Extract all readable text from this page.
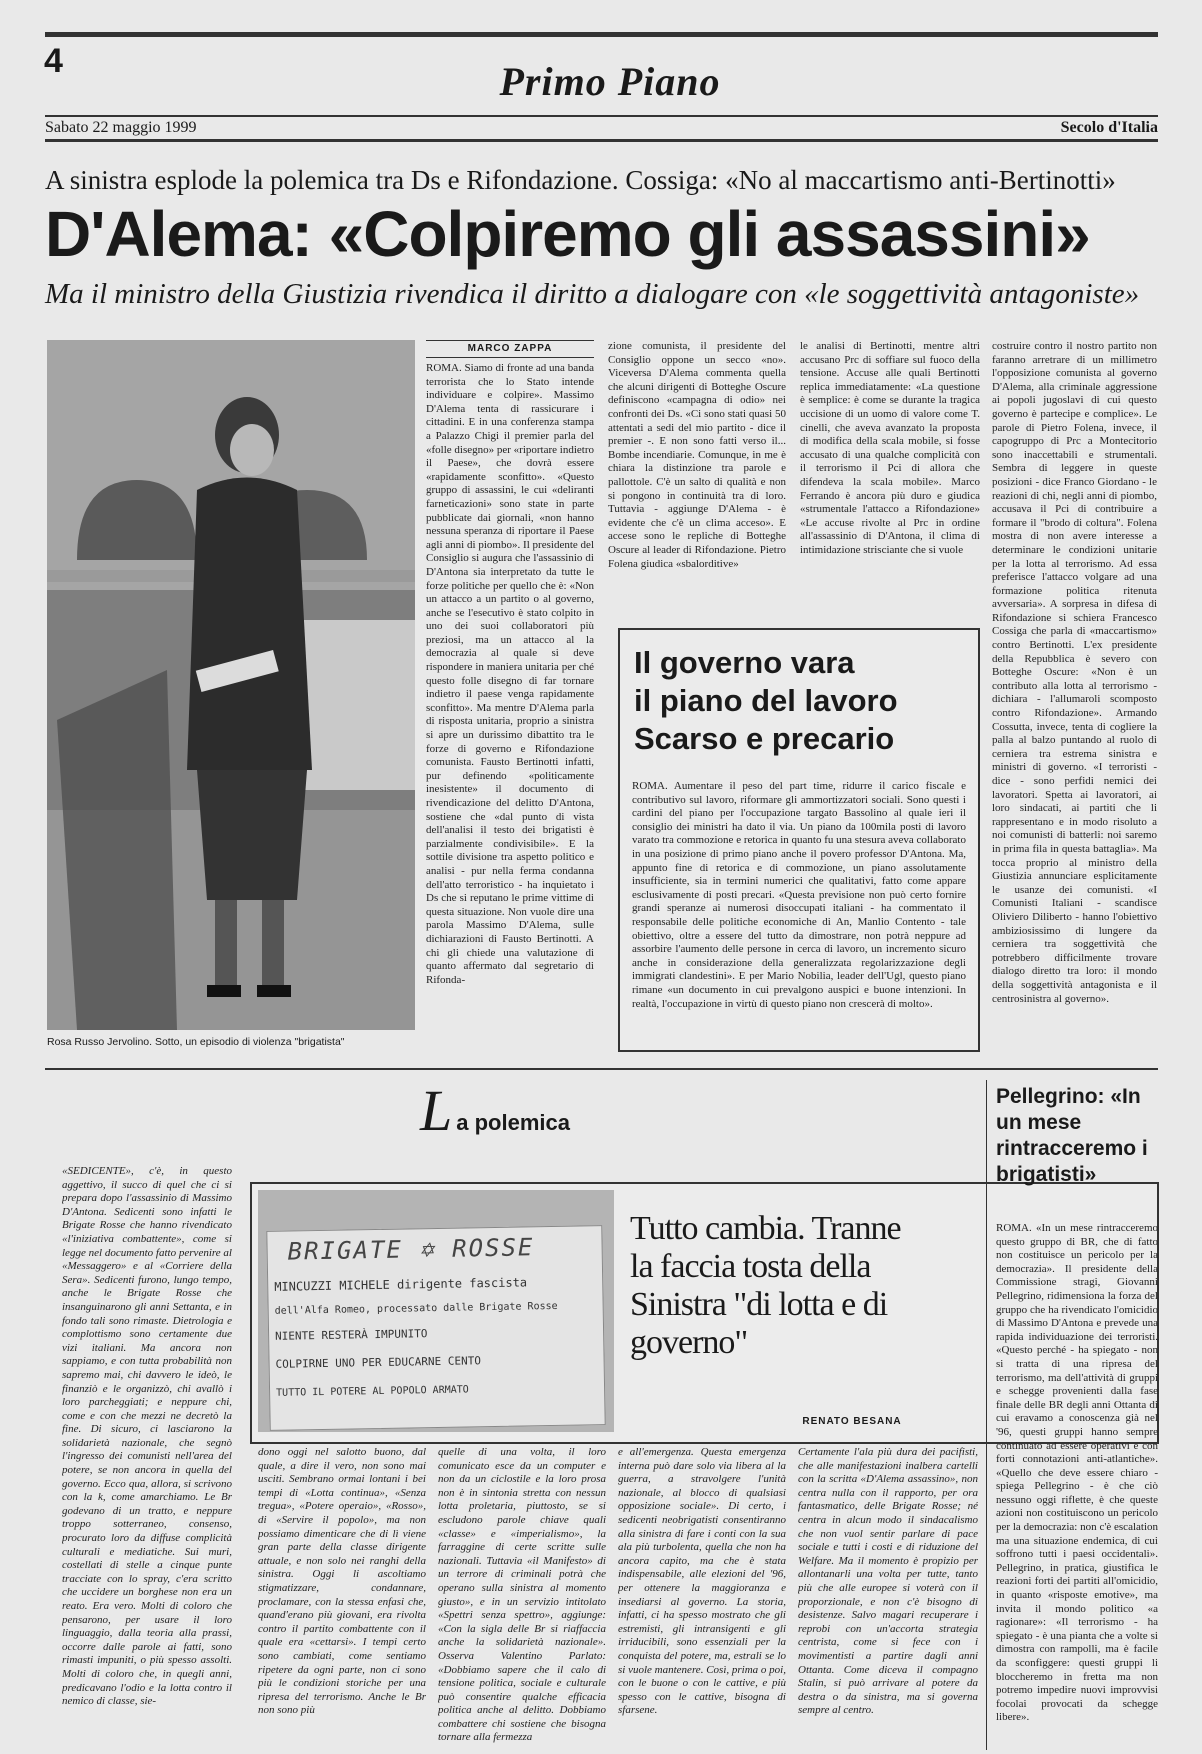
4	Primo Piano
Sabato 22 maggio 1999	Secolo d'Italia
A sinistra esplode la polemica tra Ds e Rifondazione. Cossiga: «No al maccartismo anti-Bertinotti»
D'Alema: «Colpiremo gli assassini»
Ma il ministro della Giustizia rivendica il diritto a dialogare con «le soggettività antagoniste»
Rosa Russo Jervolino. Sotto, un episodio di violenza "brigatista"
MARCO ZAPPA

ROMA. Siamo di fronte ad una banda terrorista che lo Stato intende individuare e colpire». Massimo D'Alema tenta di rassicurare i cittadini. E in una conferenza stampa a Palazzo Chigi il premier parla del «folle disegno» per «riportare indietro il Paese», che dovrà essere «rapidamente sconfitto». «Questo gruppo di assassini, le cui «deliranti farneticazioni» sono state in parte pubblicate dai giornali, «non hanno nessuna speranza di riportare il Paese agli anni di piombo». Il presidente del Consiglio si augura che l'assassinio di D'Antona sia interpretato da tutte le forze politiche per quello che è: «Non un attacco a un partito o al governo, anche se l'esecutivo è stato colpito in uno dei suoi collaboratori più preziosi, ma un attacco al la democrazia al quale si deve rispondere in maniera unitaria per ché questo folle disegno di far tornare indietro il paese venga rapidamente sconfitto». Ma mentre D'Alema parla di risposta unitaria, proprio a sinistra si apre un durissimo dibattito tra le forze di governo e Rifondazione comunista. Fausto Bertinotti infatti, pur definendo «politicamente inesistente» il documento di rivendicazione del delitto D'Antona, sostiene che «dal punto di vista dell'analisi il testo dei brigatisti è parzialmente condivisibile». E la sottile divisione tra aspetto politico e analisi - pur nella ferma condanna dell'atto terroristico - ha inquietato i Ds che si reputano le prime vittime di questa situazione. Non vuole dire una parola Massimo D'Alema, sulle dichiarazioni di Fausto Bertinotti. A chi gli chiede una valutazione di quanto affermato dal segretario di Rifonda-

zione comunista, il presidente del Consiglio oppone un secco «no». Viceversa D'Alema commenta quella che alcuni dirigenti di Botteghe Oscure definiscono «campagna di odio» nei confronti dei Ds. «Ci sono stati quasi 50 attentati a sedi del mio partito - dice il premier -. E non sono fatti verso il... Bombe incendiarie. Comunque, in me è chiara la distinzione tra parole e pallottole. C'è un salto di qualità e non si pongono in continuità tra di loro. Tuttavia - aggiunge D'Alema - è evidente che c'è un clima acceso». E accese sono le repliche di Botteghe Oscure al leader di Rifondazione. Pietro Folena giudica «sbalorditive»

le analisi di Bertinotti, mentre altri accusano Prc di soffiare sul fuoco della tensione. Accuse alle quali Bertinotti replica immediatamente: «La questione è semplice: è come se durante la tragica uccisione di un uomo di valore come T. cinelli, che aveva avanzato la proposta di modifica della scala mobile, si fosse accusato di una qualche complicità con il terrorismo il Pci di allora che difendeva la scala mobile». Marco Ferrando è ancora più duro e giudica «strumentale l'attacco a Rifondazione» «Le accuse rivolte al Prc in ordine all'assassinio di D'Antona, il clima di intimidazione strisciante che si vuole

costruire contro il nostro partito non faranno arretrare di un millimetro l'opposizione comunista al governo D'Alema, alla criminale aggressione ai popoli jugoslavi di cui questo governo è partecipe e complice». Le parole di Pietro Folena, invece, il capogruppo di Prc a Montecitorio sono inaccettabili e strumentali. Sembra di leggere in queste posizioni - dice Franco Giordano - le reazioni di chi, negli anni di piombo, accusava il Pci di contribuire a formare il "brodo di coltura". Folena mostra di non avere interesse a determinare le condizioni unitarie per la lotta al terrorismo. Ad essa preferisce l'attacco volgare ad una formazione politica ritenuta avversaria». A sorpresa in difesa di Rifondazione si schiera Francesco Cossiga che parla di «maccartismo» contro Bertinotti. L'ex presidente della Repubblica è severo con Botteghe Oscure: «Non è un contributo alla lotta al terrorismo - dichiara - l'allumaroli scomposto contro Rifondazione». Armando Cossutta, invece, tenta di cogliere la palla al balzo puntando al ruolo di cerniera tra estrema sinistra e ministri di governo. «I terroristi - dice - sono perfidi nemici dei lavoratori. Spetta ai lavoratori, ai loro sindacati, ai partiti che li rappresentano e in modo risoluto a noi comunisti di batterli: noi saremo in prima fila in questa battaglia». Ma tocca proprio al ministro della Giustizia annunciare esplicitamente le usanze dei comunisti. «I Comunisti Italiani - scandisce Oliviero Diliberto - hanno l'obiettivo ambiziosissimo di lungere da cerniera tra soggettività che potrebbero difficilmente trovare dialogo diretto tra loro: il mondo della soggettività antagonista e il centrosinistra al governo».

Il governo vara
il piano del lavoro
Scarso e precario

ROMA. Aumentare il peso del part time, ridurre il carico fiscale e contributivo sul lavoro, riformare gli ammortizzatori sociali. Sono questi i cardini del piano per l'occupazione targato Bassolino al quale ieri il consiglio dei ministri ha dato il via. Un piano da 100mila posti di lavoro varato tra commozione e retorica in quanto fu una stesura aveva collaborato in una posizione di primo piano anche il povero professor D'Antona. Ma, appunto fine di retorica e di commozione, un piano assolutamente insufficiente, sia in termini numerici che qualitativi, fatto come appare esclusivamente di posti precari. «Questa previsione non può certo fornire grandi speranze ai numerosi disoccupati italiani - ha commentato il responsabile delle politiche economiche di An, Manlio Contento - tale obiettivo, oltre a essere del tutto da dimostrare, non potrà neppure ad assorbire l'aumento delle persone in cerca di lavoro, un incremento sicuro anche in considerazione della generalizzata regolarizzazione degli immigrati clandestini». E per Mario Nobilia, leader dell'Ugl, questo piano rimane «un documento in cui prevalgono auspici e buone intenzioni. In realtà, l'occupazione in virtù di questo piano non crescerà di molto».

L a polemica

«SEDICENTE», c'è, in questo aggettivo, il succo di quel che ci si prepara dopo l'assassinio di Massimo D'Antona. Sedicenti sono infatti le Brigate Rosse che hanno rivendicato «l'iniziativa combattente», come si legge nel documento fatto pervenire al «Messaggero» e al «Corriere della Sera». Sedicenti furono, lungo tempo, anche le Brigate Rosse che insanguinarono gli anni Settanta, e in fondo tali sono rimaste. Dietrologia e complottismo sono certamente due vizi italiani. Ma ancora non sappiamo, e con tutta probabilità non sapremo mai, chi davvero le ideò, le finanziò e le organizzò, chi avallò i loro parcheggiati; e neppure chi, come e con che mezzi ne decretò la fine. Di sicuro, ci lasciarono la solidarietà nazionale, che segnò l'ingresso dei comunisti nell'area del potere, se non ancora in quella del governo. Ecco qua, allora, si scrivono con la k, come amarchiamo. Le Br godevano di un tratto, e neppure troppo sotterraneo, consenso, procurato loro da diffuse complicità culturali e mediatiche. Sui muri, costellati di stelle a cinque punte tracciate con lo spray, c'era scritto che uccidere un borghese non era un reato. Era vero. Molti di coloro che pensarono, per usare il loro linguaggio, dalla teoria alla prassi, occorre dalle parole ai fatti, sono rimasti impuniti, o più spesso assolti. Molti di coloro che, in quegli anni, predicavano l'odio e la lotta contro il nemico di classe, sie-

BRIGATE ✡ ROSSE
MINCUZZI MICHELE dirigente fascista
dell'Alfa Romeo, processato dalle Brigate Rosse
NIENTE RESTERÀ IMPUNITO
COLPIRNE UNO PER EDUCARNE CENTO
TUTTO IL POTERE AL POPOLO ARMATO
Tutto cambia. Tranne la faccia tosta della Sinistra "di lotta e di governo"
RENATO BESANA

dono oggi nel salotto buono, dal quale, a dire il vero, non sono mai usciti. Sembrano ormai lontani i bei tempi di «Lotta continua», «Senza tregua», «Potere operaio», «Rosso», di «Servire il popolo», ma non possiamo dimenticare che di lì viene gran parte della classe dirigente attuale, e non solo nei ranghi della sinistra. Oggi li ascoltiamo stigmatizzare, condannare, proclamare, con la stessa enfasi che, quand'erano più giovani, era rivolta contro il partito combattente con il quale era «cettarsi». I tempi certo sono cambiati, come sentiamo ripetere da ogni parte, non ci sono più le condizioni storiche per una ripresa del terrorismo. Anche le Br non sono più

quelle di una volta, il loro comunicato esce da un computer e non da un ciclostile e la loro prosa non è in sintonia stretta con nessun lotta proletaria, piuttosto, se si escludono parole chiave quali «classe» e «imperialismo», la farraggine di certe scritte sulle nazionali. Tuttavia «il Manifesto» di un terrore di criminali potrà che operano sulla sinistra al momento giusto», e in un servizio intitolato «Spettri senza spettro», aggiunge: «Con la sigla delle Br si riaffaccia anche la solidarietà nazionale». Osserva Valentino Parlato: «Dobbiamo sapere che il calo di tensione politica, sociale e culturale può consentire qualche efficacia politica anche al delitto. Dobbiamo combattere chi sostiene che bisogna tornare alla fermezza

e all'emergenza. Questa emergenza interna può dare solo via libera al la guerra, a stravolgere l'unità nazionale, al blocco di qualsiasi opposizione sociale». Di certo, i sedicenti neobrigatisti consentiranno alla sinistra di fare i conti con la sua ala più turbolenta, quella che non ha ancora capito, ma che è stata indispensabile, alle elezioni del '96, per ottenere la maggioranza e insediarsi al governo. La storia, infatti, ci ha spesso mostrato che gli estremisti, gli intransigenti e gli irriducibili, sono essenziali per la conquista del potere, ma, estrali se lo si vuole mantenere. Così, prima o poi, con le buone o con le cattive, e più spesso con le cattive, bisogna di sfarsene.

Certamente l'ala più dura dei pacifisti, che alle manifestazioni inalbera cartelli con la scritta «D'Alema assassino», non centra nulla con il rapporto, per ora fantasmatico, delle Brigate Rosse; né centra in alcun modo il sindacalismo che non vuol sentir parlare di pace sociale e tutti i costi e di riduzione del Welfare. Ma il momento è propizio per allontanarli una volta per tutte, tanto più che alle europee si voterà con il proporzionale, e non c'è bisogno di desistenze. Salvo magari recuperare i reprobi con un'accorta strategia centrista, come si fece con i movimentisti a partire dagli anni Ottanta. Come diceva il compagno Stalin, si può arrivare al potere da destra o da sinistra, ma si governa sempre al centro.

Pellegrino: «In un mese rintracceremo i brigatisti»

ROMA. «In un mese rintracceremo questo gruppo di BR, che di fatto non costituisce un pericolo per la democrazia». Il presidente della Commissione stragi, Giovanni Pellegrino, ridimensiona la forza del gruppo che ha rivendicato l'omicidio di Massimo D'Antona e prevede una rapida individuazione dei terroristi. «Questo perché - ha spiegato - non si tratta di una ripresa del terrorismo, ma dell'attività di gruppi e schegge provenienti dalla fase finale delle BR degli anni Ottanta di cui eravamo a conoscenza già nel '96, questi gruppi hanno sempre continuato ad essere operativi e con forti connotazioni anti-atlantiche». «Quello che deve essere chiaro - spiega Pellegrino - è che ciò nessuno oggi riflette, è che queste azioni non costituiscono un pericolo per la democrazia: non c'è escalation ma una situazione endemica, di cui soffrono tutti i paesi occidentali». Pellegrino, in pratica, giustifica le reazioni forti dei partiti all'omicidio, in quanto «risposte emotive», ma invita il mondo politico «a ragionare»: «Il terrorismo - ha spiegato - è una pianta che a volte si dimostra con rampolli, ma è facile da sconfiggere: questi gruppi li bloccheremo in fretta ma non potremo impedire nuovi improvvisi focolai provocati da schegge libere».
